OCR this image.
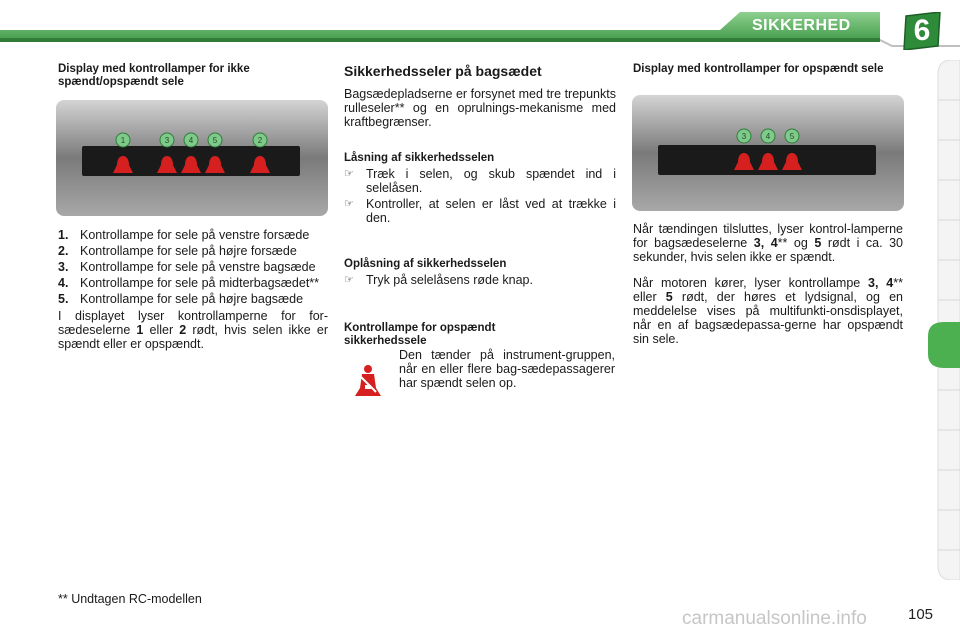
SIKKERHED	6
Display med kontrollamper for ikke spændt/opspændt sele
1	3 4 5	2
1. Kontrollampe for sele på venstre forsæde
2. Kontrollampe for sele på højre forsæde
3. Kontrollampe for sele på venstre bagsæde
4. Kontrollampe for sele på midterbagsædet**
5. Kontrollampe for sele på højre bagsæde
I displayet lyser kontrollamperne for for-sædeselerne 1 eller 2 rødt, hvis selen ikke er spændt eller er opspændt.
Sikkerhedsseler på bagsædet
Bagsædepladserne er forsynet med tre trepunkts rulleseler** og en oprulnings-mekanisme med kraftbegrænser.
Låsning af sikkerhedsselen
☞ Træk i selen, og skub spændet ind i selelåsen.
☞ Kontroller, at selen er låst ved at trække i den.
Oplåsning af sikkerhedsselen
☞ Tryk på selelåsens røde knap.
Kontrollampe for opspændt sikkerhedssele
Den tænder på instrument-gruppen, når en eller flere bag-sædepassagerer har spændt selen op.
Display med kontrollamper for opspændt sele
3 4 5
Når tændingen tilsluttes, lyser kontrol-lamperne for bagsædeselerne 3, 4** og 5 rødt i ca. 30 sekunder, hvis selen ikke er spændt.
Når motoren kører, lyser kontrollampe 3, 4** eller 5 rødt, der høres et lydsignal, og en meddelelse vises på multifunkti-onsdisplayet, når en af bagsædepassa-gerne har opspændt sin sele.
** Undtagen RC-modellen
carmanualsonline.info	105
